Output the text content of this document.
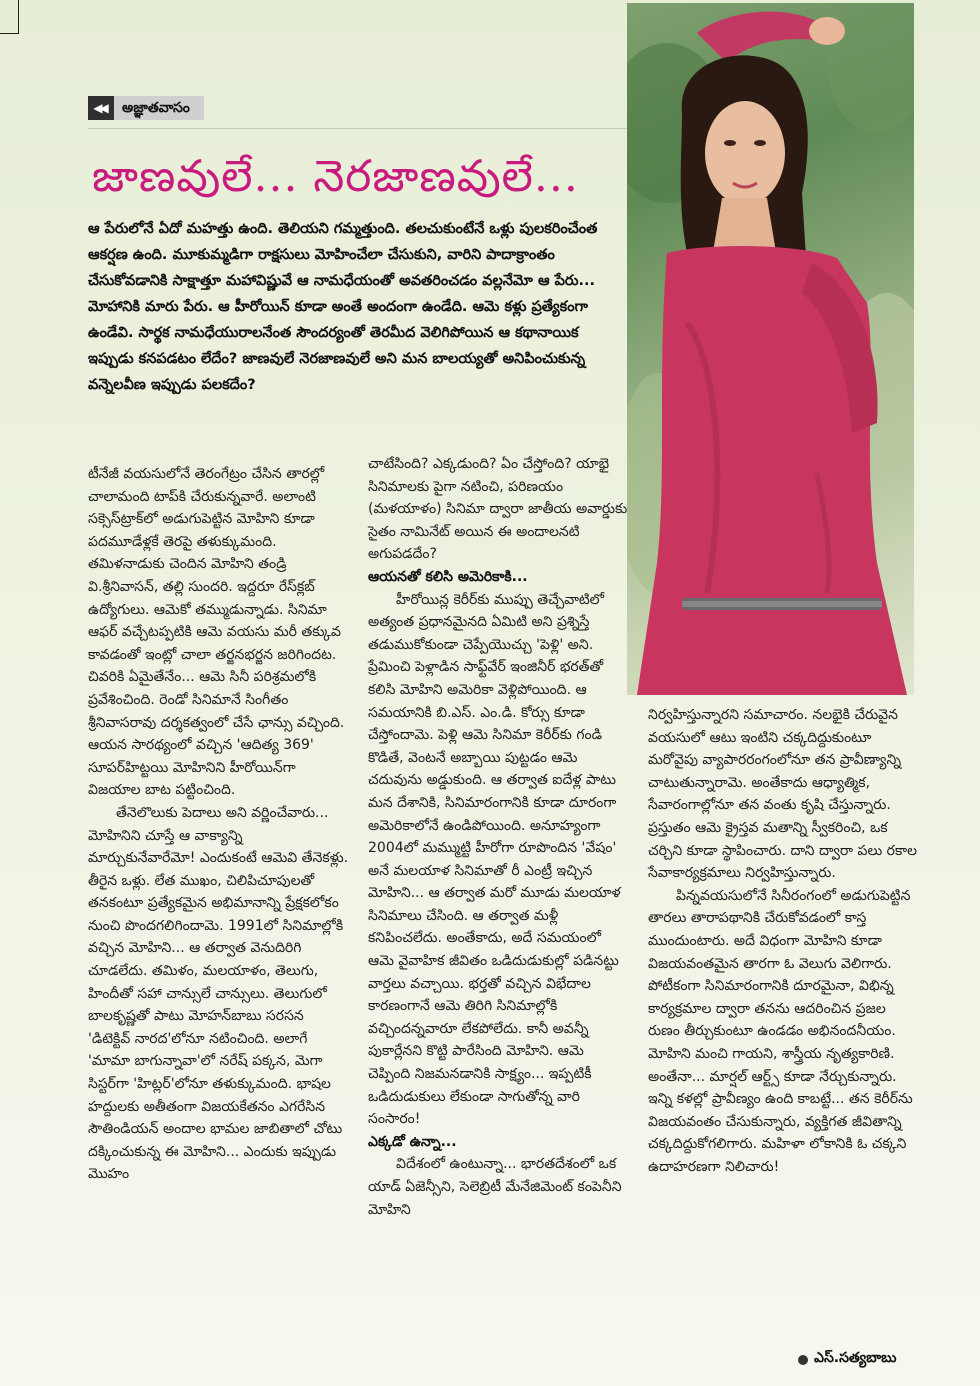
◀◀	అజ్ఞాతవాసం
జాణవులే... నెరజాణవులే...

ఆ పేరులోనే ఏదో మహత్తు ఉంది. తెలియని గమ్మత్తుంది. తలచుకుంటేనే ఒళ్లు పులకరించేంత ఆకర్షణ ఉంది. మూకుమ్మడిగా రాక్షసులు మోహించేలా చేసుకుని, వారిని పాదాక్రాంతం చేసుకోవడానికి సాక్షాత్తూ మహావిష్ణువే ఆ నామధేయంతో అవతరించడం వల్లనేమో ఆ పేరు... మోహానికి మారు పేరు. ఆ హీరోయిన్ కూడా అంతే అందంగా ఉండేది. ఆమె కళ్లు ప్రత్యేకంగా ఉండేవి. సార్థక నామధేయురాలనేంత సౌందర్యంతో తెరమీద వెలిగిపోయిన ఆ కథానాయిక ఇప్పుడు కనపడటం లేదేం? జాణవులే నెరజాణవులే అని మన బాలయ్యతో అనిపించుకున్న వన్నెలవీణ ఇప్పుడు పలకదేం?

టీనేజీ వయసులోనే తెరంగేట్రం చేసిన తారల్లో చాలామంది టాప్‌కి చేరుకున్నవారే. అలాంటి సక్సెస్‌ట్రాక్‌లో అడుగుపెట్టిన మోహిని కూడా పదమూడేళ్లకే తెరపై తళుక్కుమంది. తమిళనాడుకు చెందిన మోహిని తండ్రి వి.శ్రీనివాసన్, తల్లి సుందరి. ఇద్దరూ రేస్‌క్లబ్ ఉద్యోగులు. ఆమెకో తమ్ముడున్నాడు. సినిమా ఆఫర్ వచ్చేటప్పటికి ఆమె వయసు మరీ తక్కువ కావడంతో ఇంట్లో చాలా తర్జనభర్జన జరిగిందట. చివరికి ఏమైతేనేం... ఆమె సినీ పరిశ్రమలోకి ప్రవేశించింది. రెండో సినిమానే సింగీతం శ్రీనివాసరావు దర్శకత్వంలో చేసే ఛాన్సు వచ్చింది. ఆయన సారథ్యంలో వచ్చిన 'ఆదిత్య 369' సూపర్‌హిట్టయి మోహినిని హీరోయిన్‌గా విజయాల బాట పట్టించింది.

తేనెలొలుకు పెదాలు అని వర్ణించేవారు... మోహినిని చూస్తే ఆ వాక్యాన్ని మార్చుకునేవారేమో! ఎందుకంటే ఆమెవి తేనెకళ్లు. తీరైన ఒళ్లు. లేత ముఖం, చిలిపిచూపులతో తనకంటూ ప్రత్యేకమైన అభిమానాన్ని ప్రేక్షకలోకం నుంచి పొందగలిగిందామె. 1991లో సినిమాల్లోకి వచ్చిన మోహిని... ఆ తర్వాత వెనుదిరిగి చూడలేదు. తమిళం, మలయాళం, తెలుగు, హిందీతో సహా చాన్సులే చాన్సులు. తెలుగులో బాలకృష్ణతో పాటు మోహన్‌బాబు సరసన 'డిటెక్టివ్ నారద'లోనూ నటించింది. అలాగే 'మామా బాగున్నావా'లో నరేష్ పక్కన, మెగా సిస్టర్‌గా 'హిట్లర్'లోనూ తళుక్కుమంది. భాషల హద్దులకు అతీతంగా విజయకేతనం ఎగరేసిన సౌతిండియన్ అందాల భామల జాబితాలో చోటు దక్కించుకున్న ఈ మోహిని... ఎందుకు ఇప్పుడు మొహం

చాటేసింది? ఎక్కడుంది? ఏం చేస్తోంది? యాభై సినిమాలకు పైగా నటించి, పరిణయం (మళయాళం) సినిమా ద్వారా జాతీయ అవార్డుకు సైతం నామినేట్ అయిన ఈ అందాలనటి అగుపడదేం?

ఆయనతో కలిసి అమెరికాకి...

హీరోయిన్ల కెరీర్‌కు ముప్పు తెచ్చేవాటిలో అత్యంత ప్రధానమైనది ఏమిటి అని ప్రశ్నిస్తే తడుముకోకుండా చెప్పేయొచ్చు 'పెళ్లి' అని. ప్రేమించి పెళ్లాడిన సాఫ్ట్‌వేర్ ఇంజినీర్ భరత్‌తో కలిసి మోహిని అమెరికా వెళ్లిపోయింది. ఆ సమయానికి బి.ఎస్. ఎం.డి. కోర్సు కూడా చేస్తోందామె. పెళ్లి ఆమె సినిమా కెరీర్‌కు గండి కొడితే, వెంటనే అబ్బాయి పుట్టడం ఆమె చదువును అడ్డుకుంది. ఆ తర్వాత ఐదేళ్ల పాటు మన దేశానికి, సినిమారంగానికి కూడా దూరంగా అమెరికాలోనే ఉండిపోయింది. అనూహ్యంగా 2004లో మమ్ముట్టి హీరోగా రూపొందిన 'వేషం' అనే మలయాళ సినిమాతో రీ ఎంట్రీ ఇచ్చిన మోహిని... ఆ తర్వాత మరో మూడు మలయాళ సినిమాలు చేసింది. ఆ తర్వాత మళ్లీ కనిపించలేదు. అంతేకాదు, అదే సమయంలో ఆమె వైవాహిక జీవితం ఒడిదుడుకుల్లో పడినట్టు వార్తలు వచ్చాయి. భర్తతో వచ్చిన విభేదాల కారణంగానే ఆమె తిరిగి సినిమాల్లోకి వచ్చిందన్నవారూ లేకపోలేదు. కానీ అవన్నీ పుకార్లేనని కొట్టి పారేసింది మోహిని. ఆమె చెప్పింది నిజమనడానికి సాక్ష్యం... ఇప్పటికీ ఒడిదుడుకులు లేకుండా సాగుతోన్న వారి సంసారం!

ఎక్కడో ఉన్నా...

విదేశంలో ఉంటున్నా... భారతదేశంలో ఒక యాడ్ ఏజెన్సీని, సెలెబ్రిటీ మేనేజిమెంట్ కంపెనీని మోహిని

నిర్వహిస్తున్నారని సమాచారం. నలభైకి చేరువైన వయసులో ఆటు ఇంటిని చక్కదిద్దుకుంటూ మరోవైపు వ్యాపారరంగంలోనూ తన ప్రావీణ్యాన్ని చాటుతున్నారామె. అంతేకాదు ఆధ్యాత్మిక, సేవారంగాల్లోనూ తన వంతు కృషి చేస్తున్నారు. ప్రస్తుతం ఆమె క్రైస్తవ మతాన్ని స్వీకరించి, ఒక చర్చిని కూడా స్థాపించారు. దాని ద్వారా పలు రకాల సేవాకార్యక్రమాలు నిర్వహిస్తున్నారు.

పిన్నవయసులోనే సినీరంగంలో అడుగుపెట్టిన తారలు తారాపథానికి చేరుకోవడంలో కాస్త ముందుంటారు. అదే విధంగా మోహిని కూడా విజయవంతమైన తారగా ఓ వెలుగు వెలిగారు. పోటీకంగా సినిమారంగానికి దూరమైనా, విభిన్న కార్యక్రమాల ద్వారా తనను ఆదరించిన ప్రజల రుణం తీర్చుకుంటూ ఉండడం అభినందనీయం. మోహిని మంచి గాయని, శాస్త్రీయ నృత్యకారిణి. అంతేనా... మార్షల్ ఆర్ట్స్ కూడా నేర్చుకున్నారు. ఇన్ని కళల్లో ప్రావీణ్యం ఉంది కాబట్టే... తన కెరీర్‌ను విజయవంతం చేసుకున్నారు, వ్యక్తిగత జీవితాన్ని చక్కదిద్దుకోగలిగారు. మహిళా లోకానికి ఓ చక్కని ఉదాహరణగా నిలిచారు!

ఎస్.సత్యబాబు
